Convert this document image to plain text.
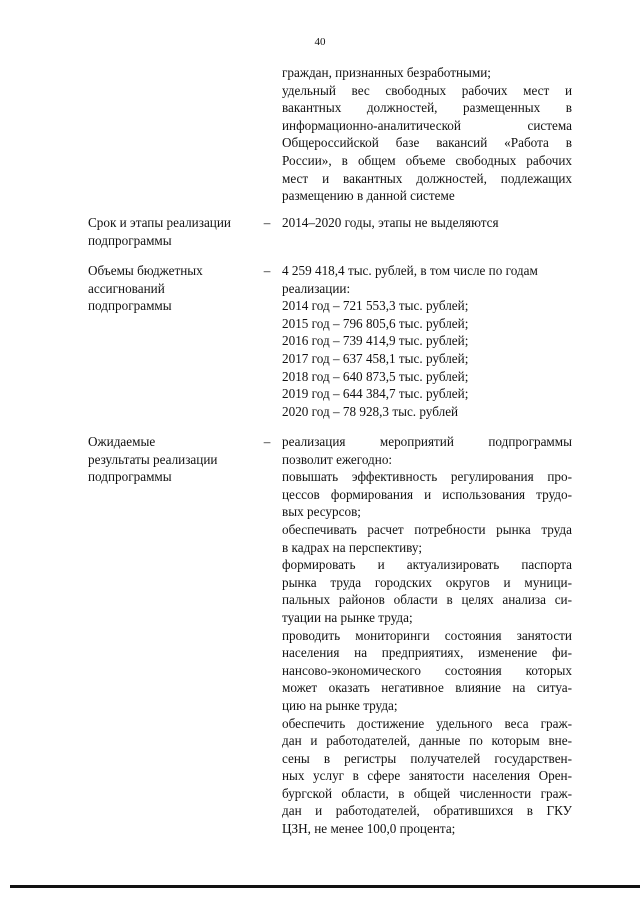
40
граждан, признанных безработными;
удельный вес свободных рабочих мест и
вакантных должностей, размещенных в
информационно-аналитической система
Общероссийской базе вакансий «Работа в
России», в общем объеме свободных рабочих
мест и вакантных должностей, подлежащих
размещению в данной системе
Срок и этапы реализации
подпрограммы
– 2014–2020 годы, этапы не выделяются
Объемы бюджетных
ассигнований
подпрограммы
– 4 259 418,4 тыс. рублей, в том числе по годам
реализации:
2014 год – 721 553,3 тыс. рублей;
2015 год – 796 805,6 тыс. рублей;
2016 год – 739 414,9 тыс. рублей;
2017 год – 637 458,1 тыс. рублей;
2018 год – 640 873,5 тыс. рублей;
2019 год – 644 384,7 тыс. рублей;
2020 год – 78 928,3 тыс. рублей
Ожидаемые
результаты реализации
подпрограммы
– реализация мероприятий подпрограммы
позволит ежегодно:
повышать эффективность регулирования про-
цессов формирования и использования трудо-
вых ресурсов;
обеспечивать расчет потребности рынка труда
в кадрах на перспективу;
формировать и актуализировать паспорта
рынка труда городских округов и муници-
пальных районов области в целях анализа си-
туации на рынке труда;
проводить мониторинги состояния занятости
населения на предприятиях, изменение фи-
нансово-экономического состояния которых
может оказать негативное влияние на ситуа-
цию на рынке труда;
обеспечить достижение удельного веса граж-
дан и работодателей, данные по которым вне-
сены в регистры получателей государствен-
ных услуг в сфере занятости населения Орен-
бургской области, в общей численности граж-
дан и работодателей, обратившихся в ГКУ
ЦЗН, не менее 100,0 процента;
